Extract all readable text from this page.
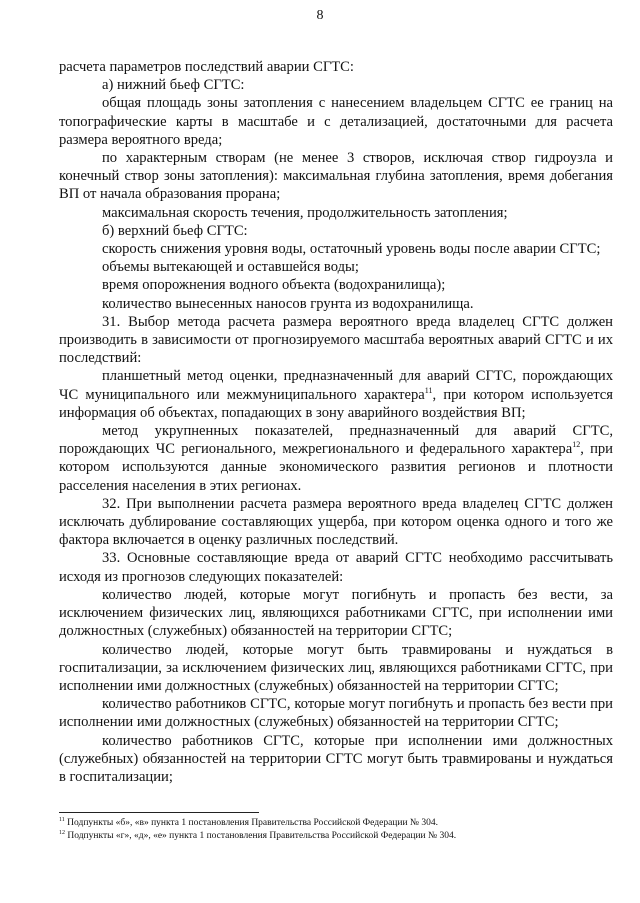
8

расчета параметров последствий аварии СГТС:

а) нижний бьеф СГТС:

общая площадь зоны затопления с нанесением владельцем СГТС ее границ на топографические карты в масштабе и с детализацией, достаточными для расчета размера вероятного вреда;

по характерным створам (не менее 3 створов, исключая створ гидроузла и конечный створ зоны затопления): максимальная глубина затопления, время добегания ВП от начала образования прорана;

максимальная скорость течения, продолжительность затопления;

б) верхний бьеф СГТС:

скорость снижения уровня воды, остаточный уровень воды после аварии СГТС;

объемы вытекающей и оставшейся воды;

время опорожнения водного объекта (водохранилища);

количество вынесенных наносов грунта из водохранилища.

31. Выбор метода расчета размера вероятного вреда владелец СГТС должен производить в зависимости от прогнозируемого масштаба вероятных аварий СГТС и их последствий:

планшетный метод оценки, предназначенный для аварий СГТС, порождающих ЧС муниципального или межмуниципального характера$^{11}$, при котором используется информация об объектах, попадающих в зону аварийного воздействия ВП;

метод укрупненных показателей, предназначенный для аварий СГТС, порождающих ЧС регионального, межрегионального и федерального характера$^{12}$, при котором используются данные экономического развития регионов и плотности расселения населения в этих регионах.

32. При выполнении расчета размера вероятного вреда владелец СГТС должен исключать дублирование составляющих ущерба, при котором оценка одного и того же фактора включается в оценку различных последствий.

33. Основные составляющие вреда от аварий СГТС необходимо рассчитывать исходя из прогнозов следующих показателей:

количество людей, которые могут погибнуть и пропасть без вести, за исключением физических лиц, являющихся работниками СГТС, при исполнении ими должностных (служебных) обязанностей на территории СГТС;

количество людей, которые могут быть травмированы и нуждаться в госпитализации, за исключением физических лиц, являющихся работниками СГТС, при исполнении ими должностных (служебных) обязанностей на территории СГТС;

количество работников СГТС, которые могут погибнуть и пропасть без вести при исполнении ими должностных (служебных) обязанностей на территории СГТС;

количество работников СГТС, которые при исполнении ими должностных (служебных) обязанностей на территории СГТС могут быть травмированы и нуждаться в госпитализации;

$^{11}$ Подпункты «б», «в» пункта 1 постановления Правительства Российской Федерации № 304.
$^{12}$ Подпункты «г», «д», «е» пункта 1 постановления Правительства Российской Федерации № 304.
